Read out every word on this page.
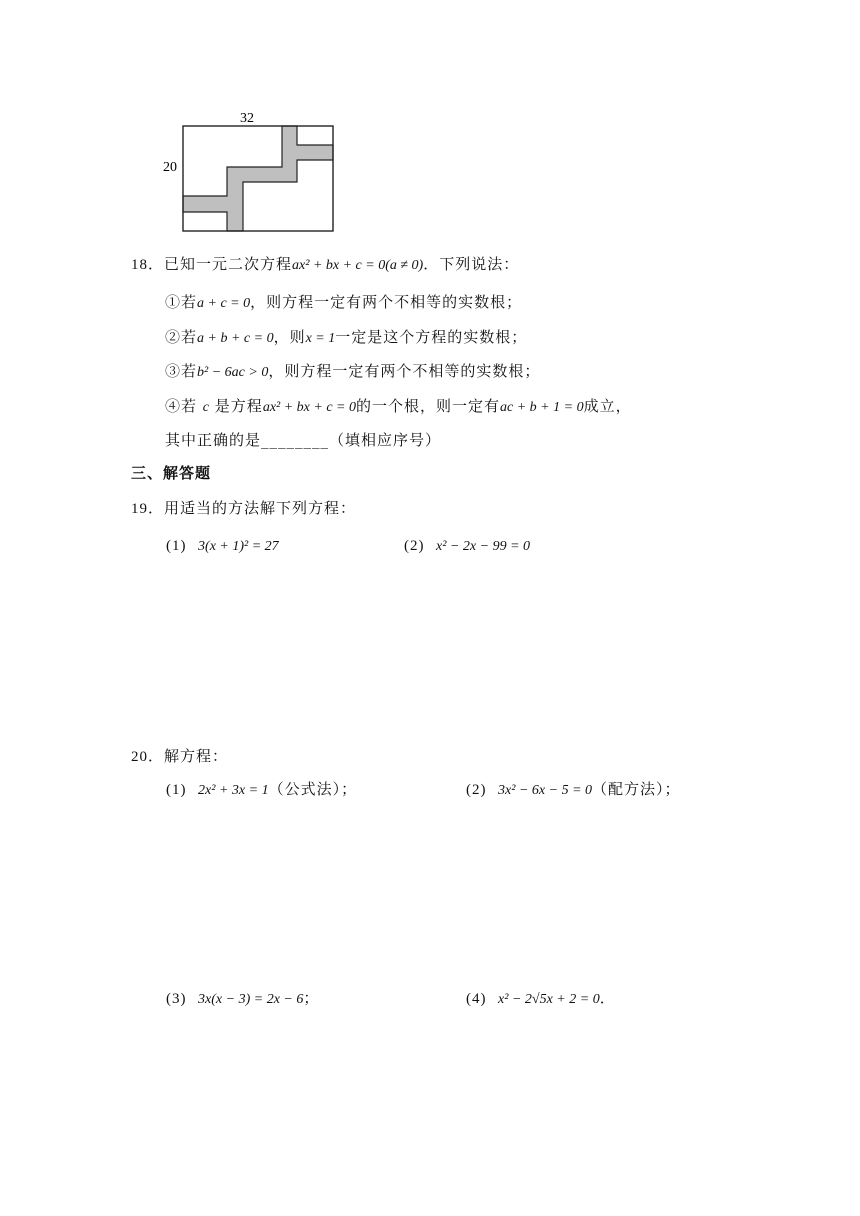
32
20
18．已知一元二次方程ax² + bx + c = 0(a ≠ 0)．下列说法：
①若a + c = 0，则方程一定有两个不相等的实数根；
②若a + b + c = 0，则x = 1一定是这个方程的实数根；
③若b² − 6ac > 0，则方程一定有两个不相等的实数根；
④若 c 是方程ax² + bx + c = 0的一个根，则一定有ac + b + 1 = 0成立，
其中正确的是________（填相应序号）
三、解答题
19．用适当的方法解下列方程：
(1) 3(x + 1)² = 27	(2) x² − 2x − 99 = 0
20．解方程：
(1) 2x² + 3x = 1（公式法）；	(2) 3x² − 6x − 5 = 0（配方法）；
(3) 3x(x − 3) = 2x − 6；	(4) x² − 2√5x + 2 = 0．
